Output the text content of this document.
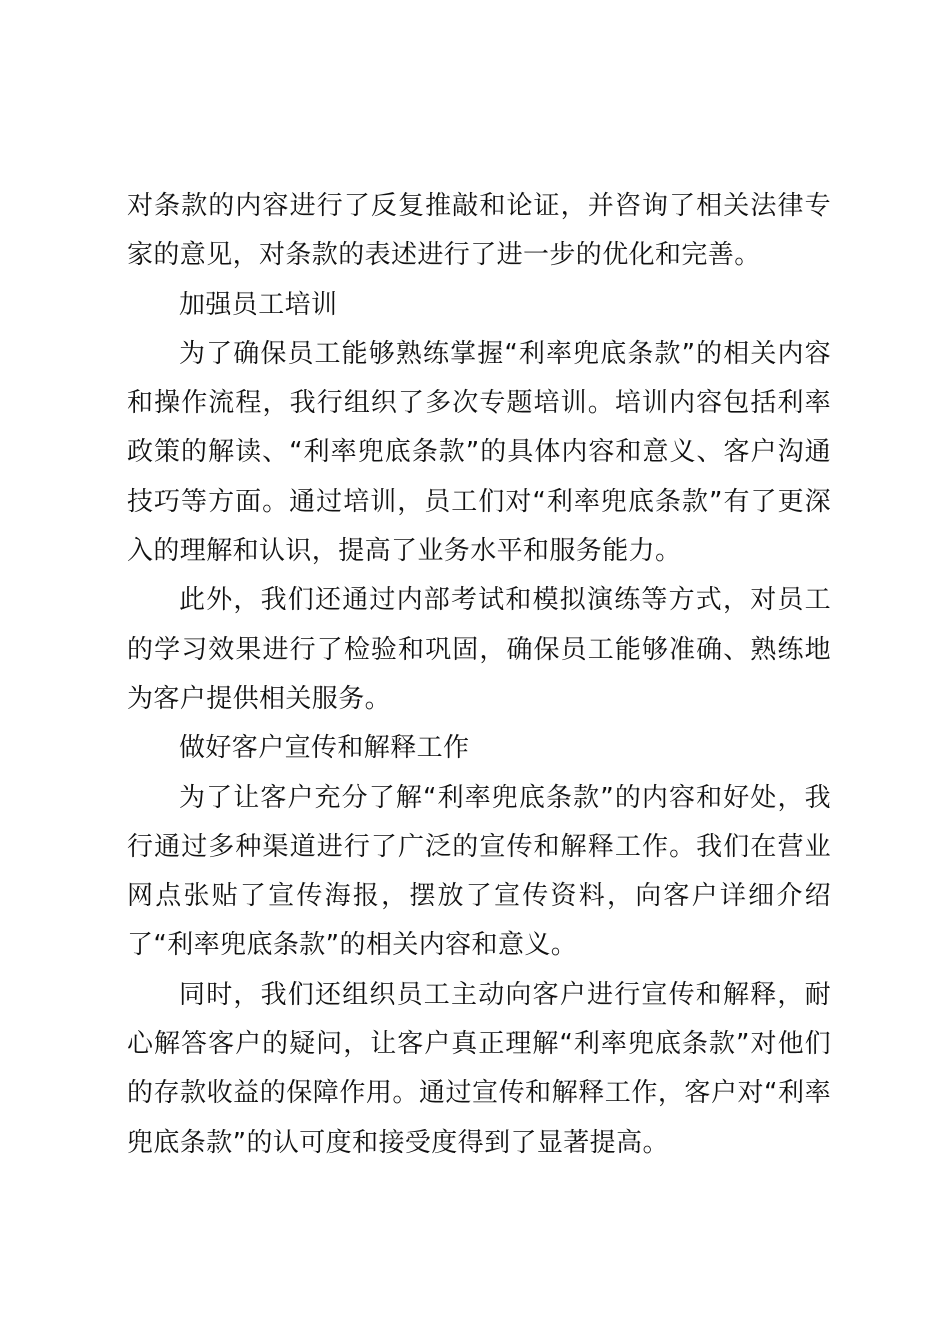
对条款的内容进行了反复推敲和论证，并咨询了相关法律专家的意见，对条款的表述进行了进一步的优化和完善。

加强员工培训

为了确保员工能够熟练掌握“利率兜底条款”的相关内容和操作流程，我行组织了多次专题培训。培训内容包括利率政策的解读、“利率兜底条款”的具体内容和意义、客户沟通技巧等方面。通过培训，员工们对“利率兜底条款”有了更深入的理解和认识，提高了业务水平和服务能力。

此外，我们还通过内部考试和模拟演练等方式，对员工的学习效果进行了检验和巩固，确保员工能够准确、熟练地为客户提供相关服务。

做好客户宣传和解释工作

为了让客户充分了解“利率兜底条款”的内容和好处，我行通过多种渠道进行了广泛的宣传和解释工作。我们在营业网点张贴了宣传海报，摆放了宣传资料，向客户详细介绍了“利率兜底条款”的相关内容和意义。

同时，我们还组织员工主动向客户进行宣传和解释，耐心解答客户的疑问，让客户真正理解“利率兜底条款”对他们的存款收益的保障作用。通过宣传和解释工作，客户对“利率兜底条款”的认可度和接受度得到了显著提高。
